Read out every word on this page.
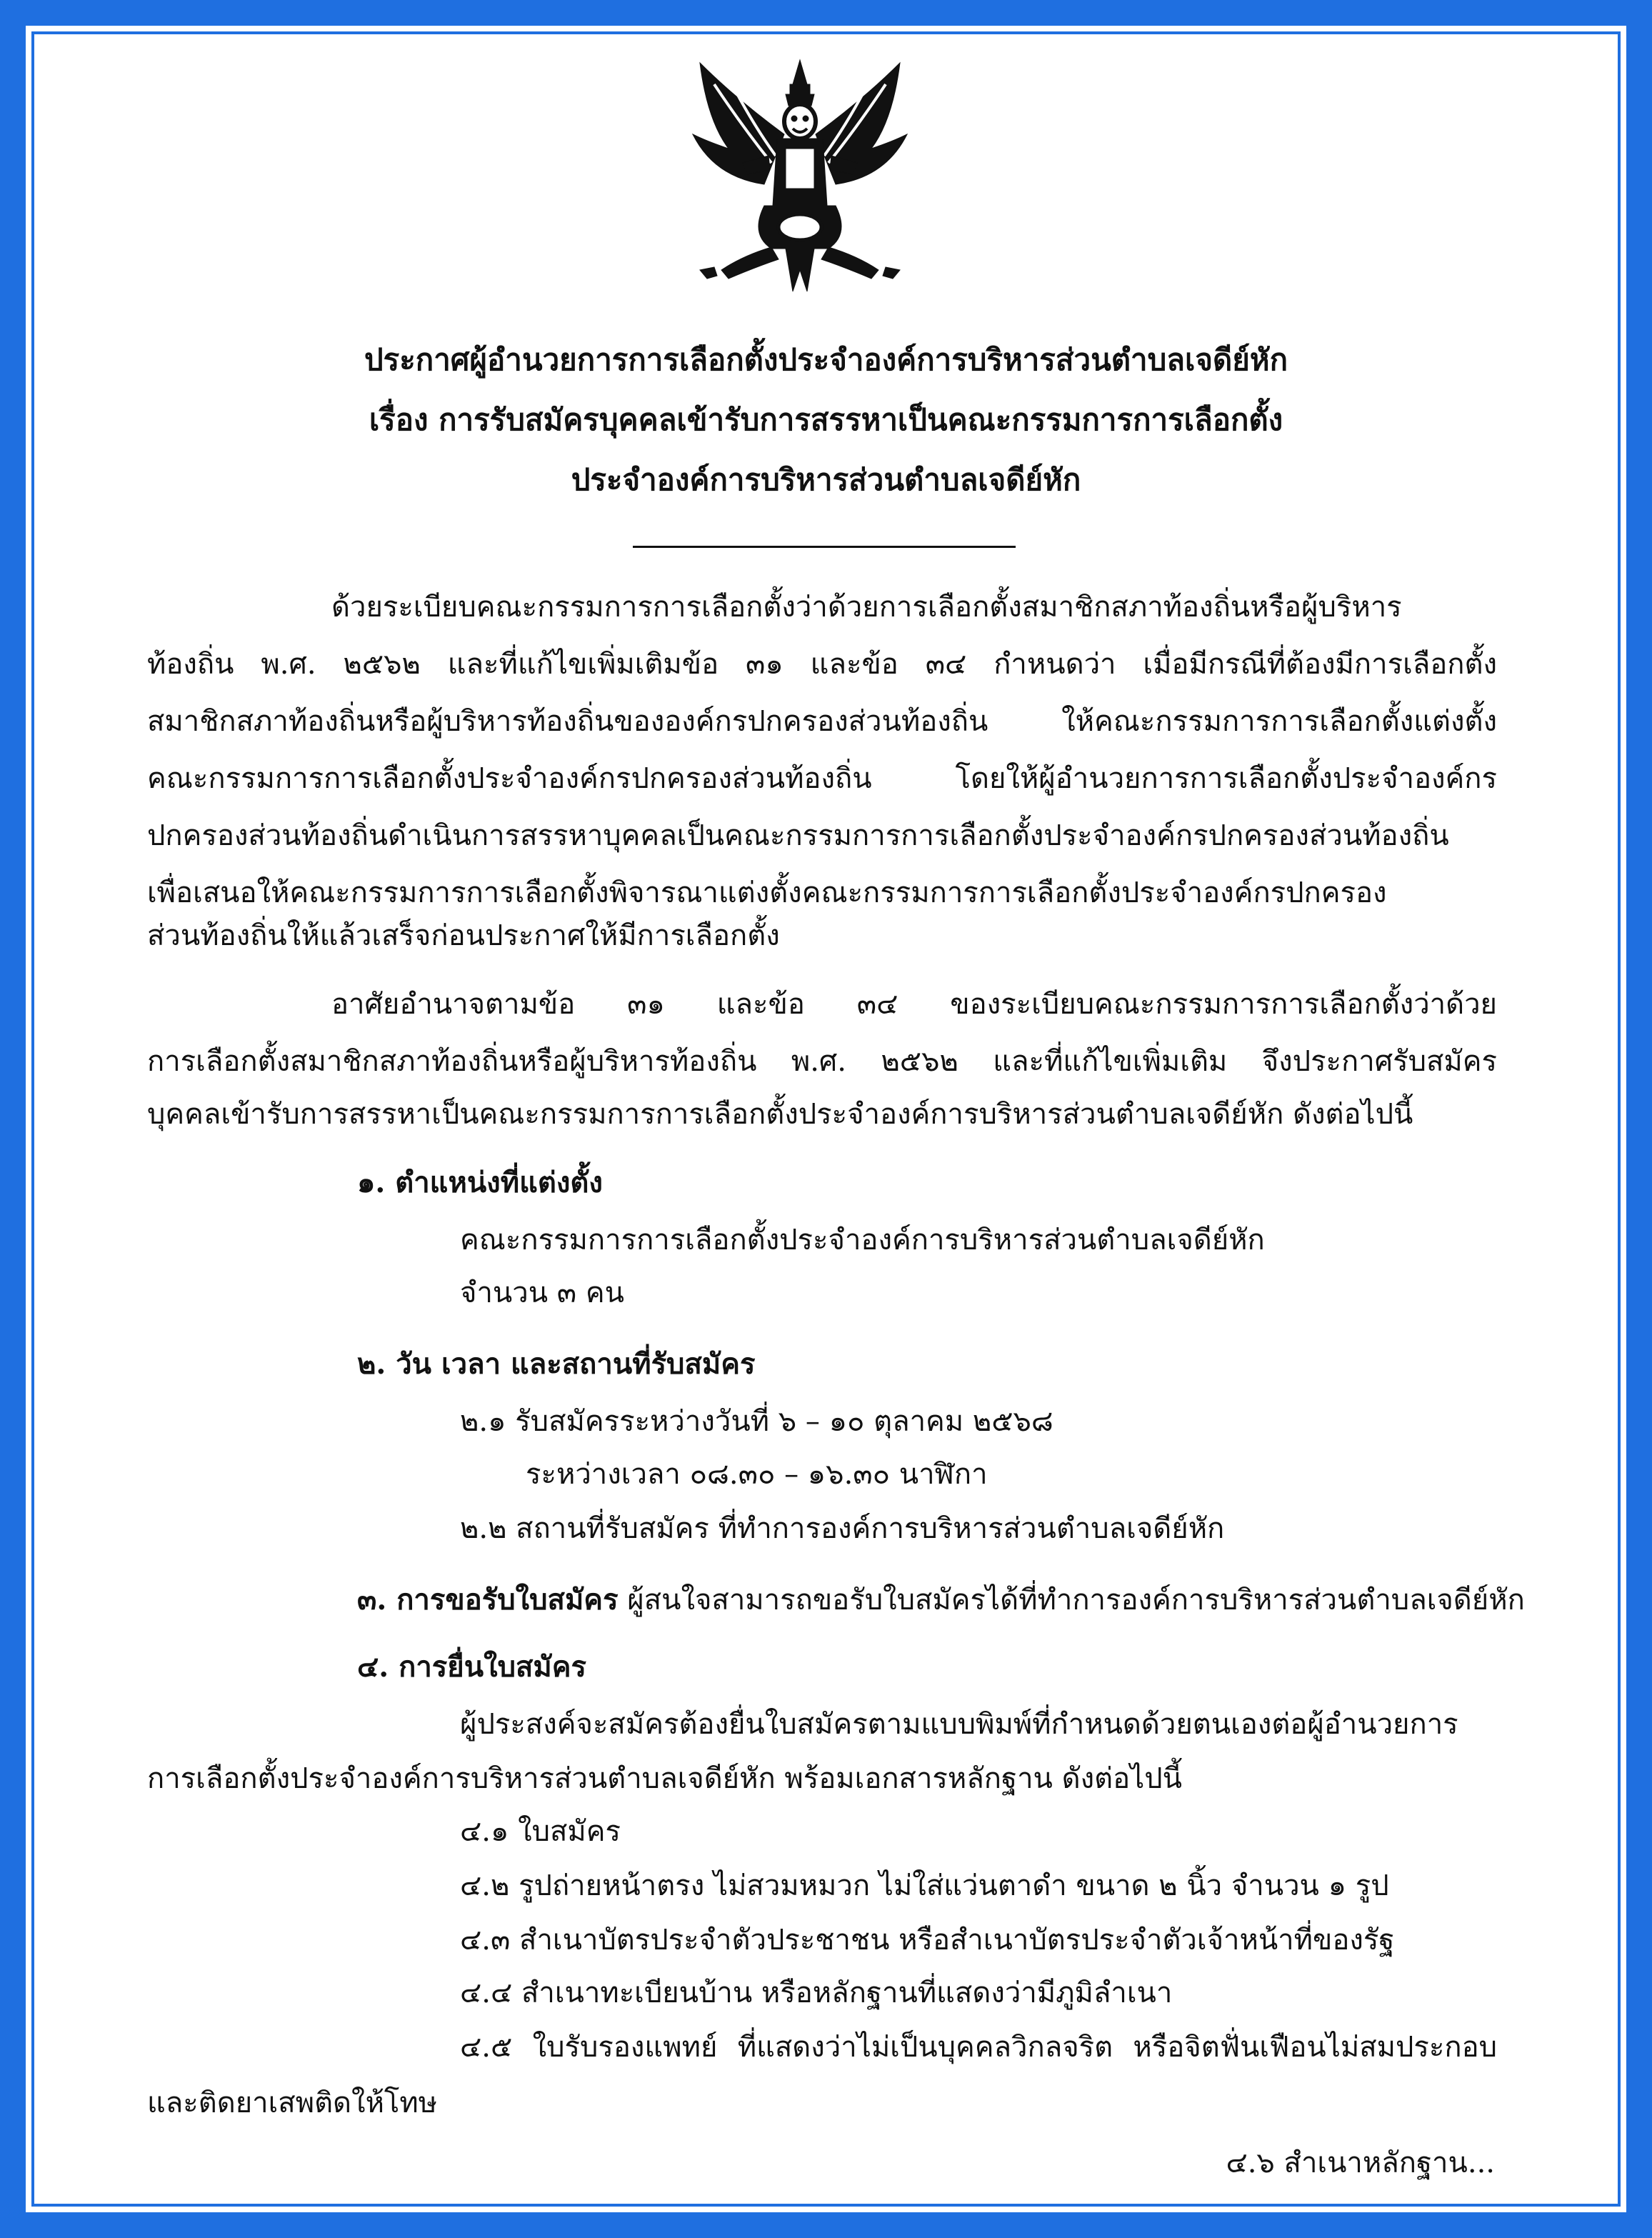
ประกาศผู้อำนวยการการเลือกตั้งประจำองค์การบริหารส่วนตำบลเจดีย์หัก
เรื่อง การรับสมัครบุคคลเข้ารับการสรรหาเป็นคณะกรรมการการเลือกตั้ง
ประจำองค์การบริหารส่วนตำบลเจดีย์หัก
ด้วยระเบียบคณะกรรมการการเลือกตั้งว่าด้วยการเลือกตั้งสมาชิกสภาท้องถิ่นหรือผู้บริหาร
ท้องถิ่น พ.ศ. ๒๕๖๒ และที่แก้ไขเพิ่มเติมข้อ ๓๑ และข้อ ๓๔ กำหนดว่า เมื่อมีกรณีที่ต้องมีการเลือกตั้ง
สมาชิกสภาท้องถิ่นหรือผู้บริหารท้องถิ่นขององค์กรปกครองส่วนท้องถิ่น ให้คณะกรรมการการเลือกตั้งแต่งตั้ง
คณะกรรมการการเลือกตั้งประจำองค์กรปกครองส่วนท้องถิ่น โดยให้ผู้อำนวยการการเลือกตั้งประจำองค์กร
ปกครองส่วนท้องถิ่นดำเนินการสรรหาบุคคลเป็นคณะกรรมการการเลือกตั้งประจำองค์กรปกครองส่วนท้องถิ่น
เพื่อเสนอให้คณะกรรมการการเลือกตั้งพิจารณาแต่งตั้งคณะกรรมการการเลือกตั้งประจำองค์กรปกครอง
ส่วนท้องถิ่นให้แล้วเสร็จก่อนประกาศให้มีการเลือกตั้ง
อาศัยอำนาจตามข้อ ๓๑ และข้อ ๓๔ ของระเบียบคณะกรรมการการเลือกตั้งว่าด้วย
การเลือกตั้งสมาชิกสภาท้องถิ่นหรือผู้บริหารท้องถิ่น พ.ศ. ๒๕๖๒ และที่แก้ไขเพิ่มเติม จึงประกาศรับสมัคร
บุคคลเข้ารับการสรรหาเป็นคณะกรรมการการเลือกตั้งประจำองค์การบริหารส่วนตำบลเจดีย์หัก ดังต่อไปนี้
๑. ตำแหน่งที่แต่งตั้ง
คณะกรรมการการเลือกตั้งประจำองค์การบริหารส่วนตำบลเจดีย์หัก
จำนวน ๓ คน
๒. วัน เวลา และสถานที่รับสมัคร
๒.๑ รับสมัครระหว่างวันที่ ๖ – ๑๐ ตุลาคม ๒๕๖๘
ระหว่างเวลา ๐๘.๓๐ – ๑๖.๓๐ นาฬิกา
๒.๒ สถานที่รับสมัคร ที่ทำการองค์การบริหารส่วนตำบลเจดีย์หัก
๓. การขอรับใบสมัคร ผู้สนใจสามารถขอรับใบสมัครได้ที่ทำการองค์การบริหารส่วนตำบลเจดีย์หัก
๔. การยื่นใบสมัคร
ผู้ประสงค์จะสมัครต้องยื่นใบสมัครตามแบบพิมพ์ที่กำหนดด้วยตนเองต่อผู้อำนวยการ
การเลือกตั้งประจำองค์การบริหารส่วนตำบลเจดีย์หัก พร้อมเอกสารหลักฐาน ดังต่อไปนี้
๔.๑ ใบสมัคร
๔.๒ รูปถ่ายหน้าตรง ไม่สวมหมวก ไม่ใส่แว่นตาดำ ขนาด ๒ นิ้ว จำนวน ๑ รูป
๔.๓ สำเนาบัตรประจำตัวประชาชน หรือสำเนาบัตรประจำตัวเจ้าหน้าที่ของรัฐ
๔.๔ สำเนาทะเบียนบ้าน หรือหลักฐานที่แสดงว่ามีภูมิลำเนา
๔.๕ ใบรับรองแพทย์ ที่แสดงว่าไม่เป็นบุคคลวิกลจริต หรือจิตฟั่นเฟือนไม่สมประกอบ
และติดยาเสพติดให้โทษ
๔.๖ สำเนาหลักฐาน...
